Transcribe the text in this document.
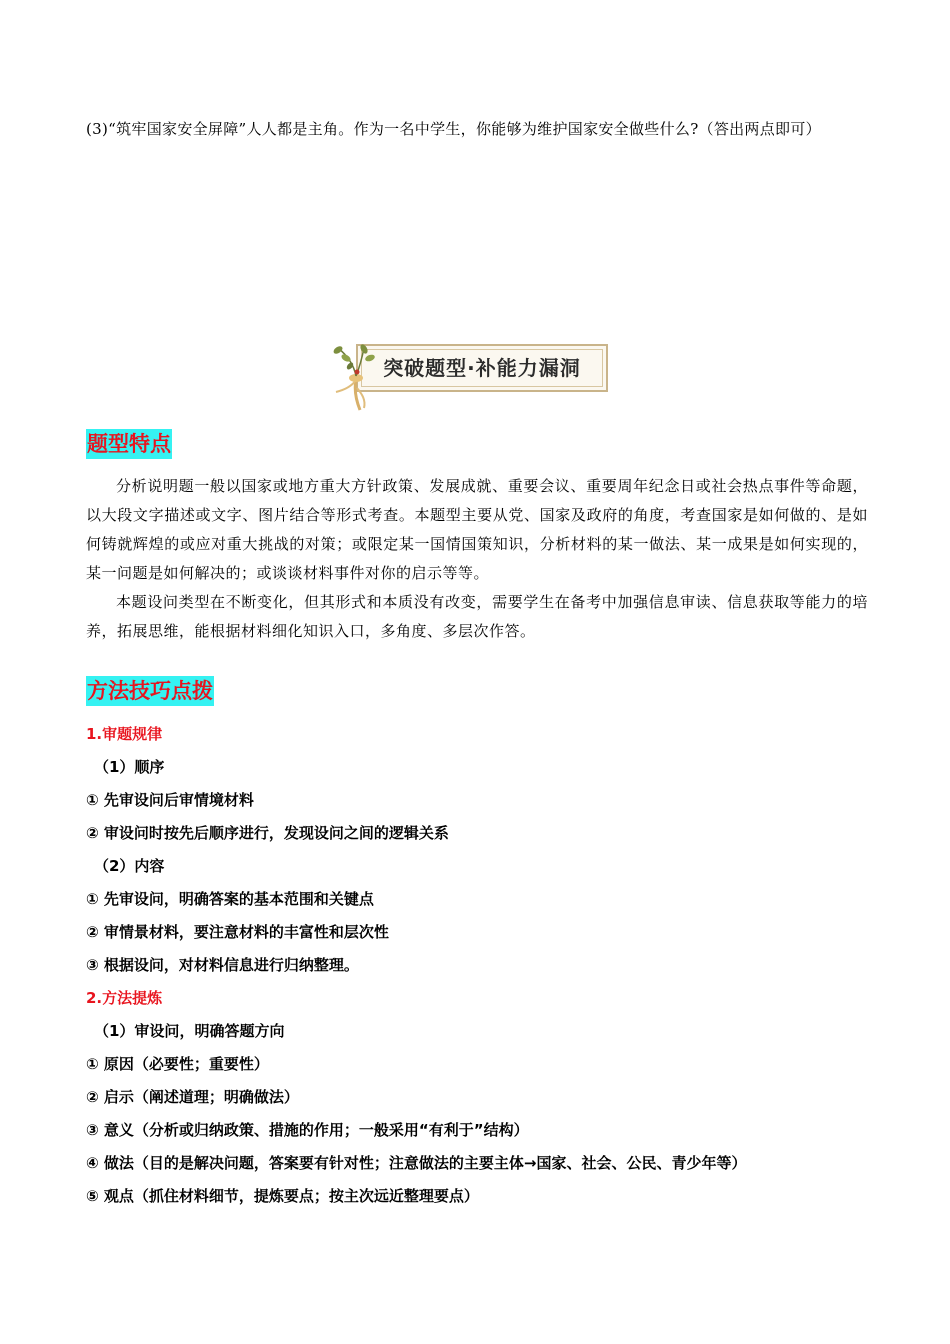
(3)“筑牢国家安全屏障”人人都是主角。作为一名中学生，你能够为维护国家安全做些什么?（答出两点即可）
突破题型·补能力漏洞
题型特点

分析说明题一般以国家或地方重大方针政策、发展成就、重要会议、重要周年纪念日或社会热点事件等命题，以大段文字描述或文字、图片结合等形式考查。本题型主要从党、国家及政府的角度，考查国家是如何做的、是如何铸就辉煌的或应对重大挑战的对策；或限定某一国情国策知识，分析材料的某一做法、某一成果是如何实现的，某一问题是如何解决的；或谈谈材料事件对你的启示等等。

本题设问类型在不断变化，但其形式和本质没有改变，需要学生在备考中加强信息审读、信息获取等能力的培养，拓展思维，能根据材料细化知识入口，多角度、多层次作答。

方法技巧点拨
1.审题规律
（1）顺序
① 先审设问后审情境材料
② 审设问时按先后顺序进行，发现设问之间的逻辑关系
（2）内容
① 先审设问，明确答案的基本范围和关键点
② 审情景材料，要注意材料的丰富性和层次性
③ 根据设问，对材料信息进行归纳整理。
2.方法提炼
（1）审设问，明确答题方向
① 原因（必要性；重要性）
② 启示（阐述道理；明确做法）
③ 意义（分析或归纳政策、措施的作用；一般采用“有利于”结构）
④ 做法（目的是解决问题，答案要有针对性；注意做法的主要主体→国家、社会、公民、青少年等）
⑤ 观点（抓住材料细节，提炼要点；按主次远近整理要点）
